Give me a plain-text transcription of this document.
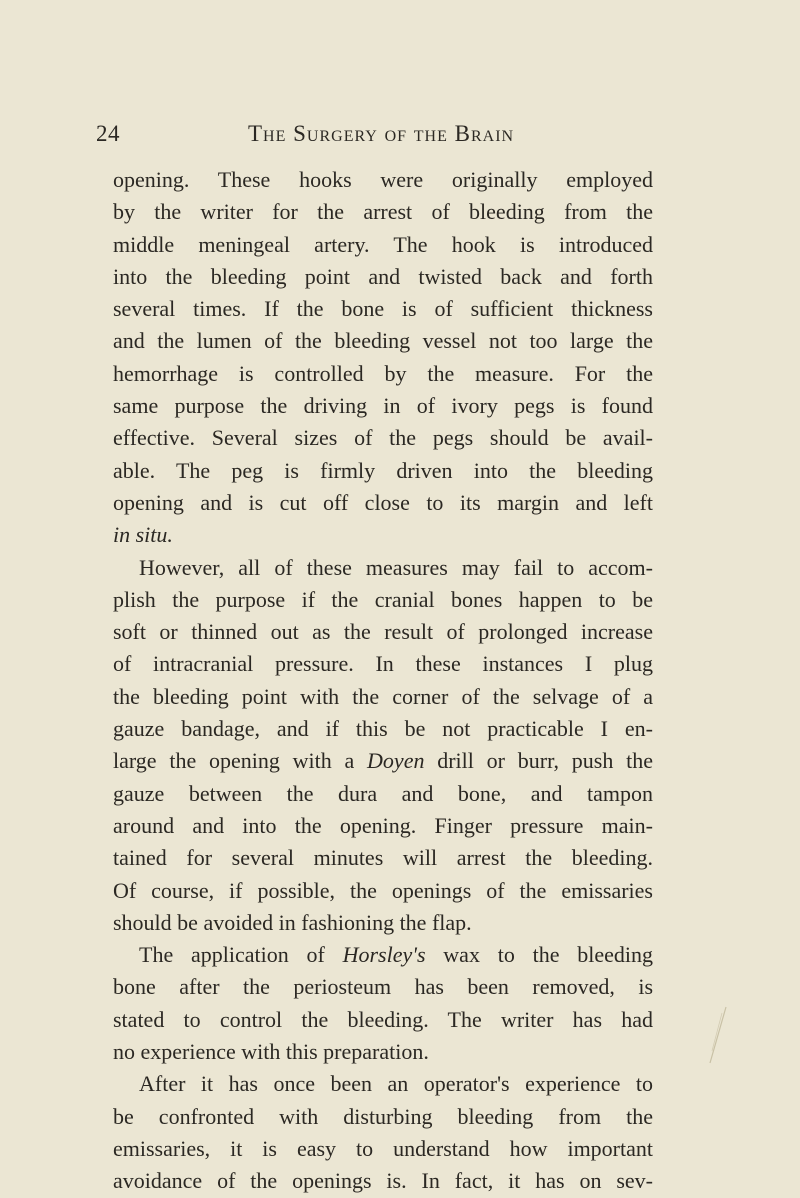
24	The Surgery of the Brain
opening. These hooks were originally employed
by the writer for the arrest of bleeding from the
middle meningeal artery. The hook is introduced
into the bleeding point and twisted back and forth
several times. If the bone is of sufficient thickness
and the lumen of the bleeding vessel not too large the
hemorrhage is controlled by the measure. For the
same purpose the driving in of ivory pegs is found
effective. Several sizes of the pegs should be avail-
able. The peg is firmly driven into the bleeding
opening and is cut off close to its margin and left
in situ.
However, all of these measures may fail to accom-
plish the purpose if the cranial bones happen to be
soft or thinned out as the result of prolonged increase
of intracranial pressure. In these instances I plug
the bleeding point with the corner of the selvage of a
gauze bandage, and if this be not practicable I en-
large the opening with a Doyen drill or burr, push the
gauze between the dura and bone, and tampon
around and into the opening. Finger pressure main-
tained for several minutes will arrest the bleeding.
Of course, if possible, the openings of the emissaries
should be avoided in fashioning the flap.
The application of Horsley's wax to the bleeding
bone after the periosteum has been removed, is
stated to control the bleeding. The writer has had
no experience with this preparation.
After it has once been an operator's experience to
be confronted with disturbing bleeding from the
emissaries, it is easy to understand how important
avoidance of the openings is. In fact, it has on sev-
